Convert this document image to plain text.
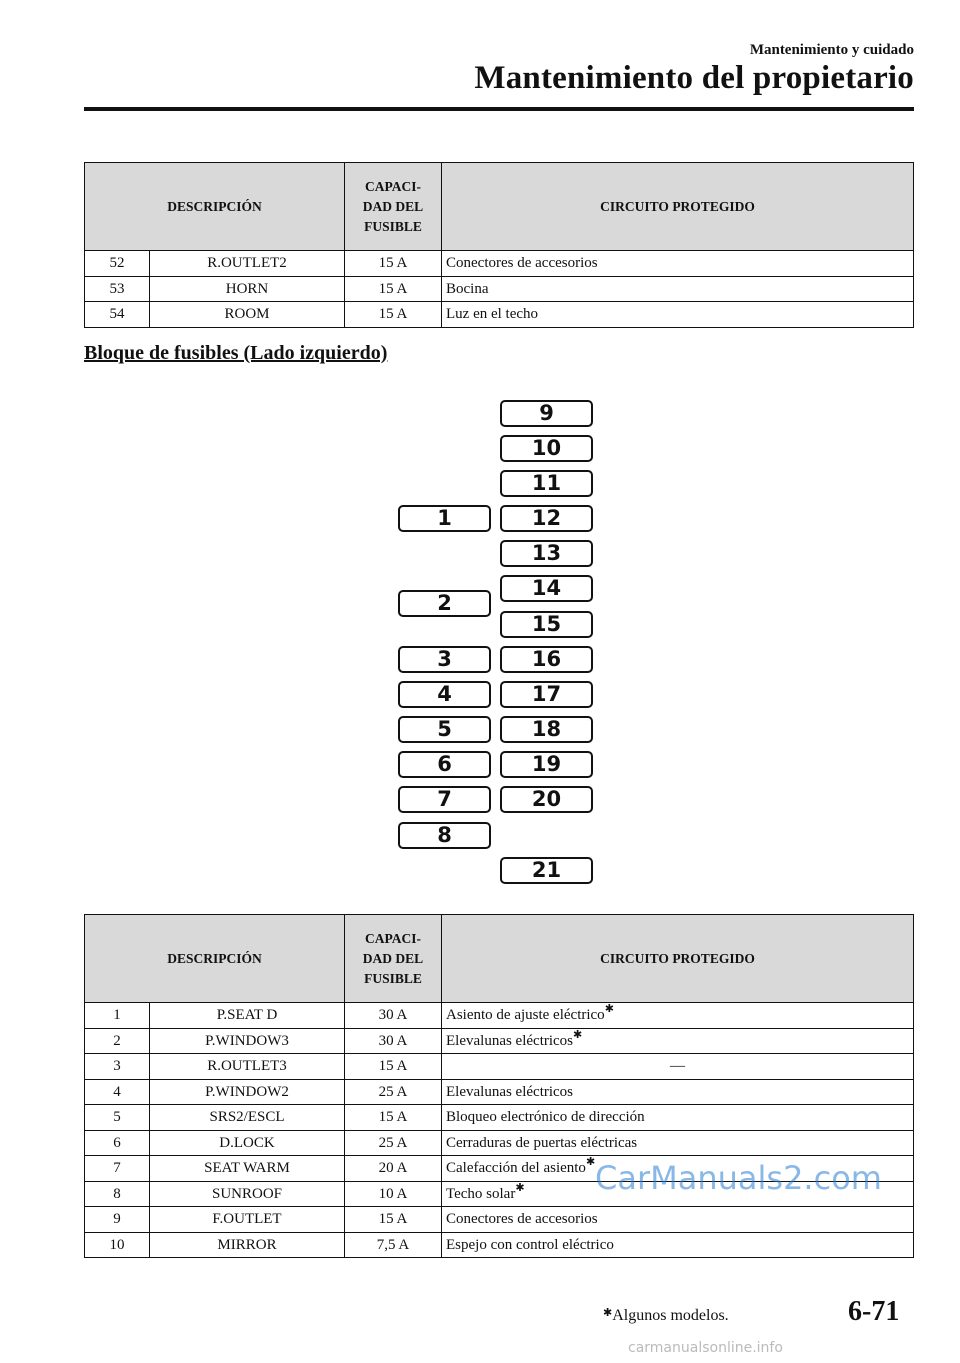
Mantenimiento y cuidado
Mantenimiento del propietario
DESCRIPCIÓN		CAPACI-
DAD DEL
FUSIBLE	CIRCUITO PROTEGIDO
52	R.OUTLET2	15 A	Conectores de accesorios
53	HORN	15 A	Bocina
54	ROOM	15 A	Luz en el techo
Bloque de fusibles (Lado izquierdo)
1
2
3
4
5
6
7
8
9
10
11
12
13
14
15
16
17
18
19
20
21
DESCRIPCIÓN		CAPACI-
DAD DEL
FUSIBLE	CIRCUITO PROTEGIDO
1	P.SEAT D	30 A	Asiento de ajuste eléctrico✱
2	P.WINDOW3	30 A	Elevalunas eléctricos✱
3	R.OUTLET3	15 A	—
4	P.WINDOW2	25 A	Elevalunas eléctricos
5	SRS2/ESCL	15 A	Bloqueo electrónico de dirección
6	D.LOCK	25 A	Cerraduras de puertas eléctricas
7	SEAT WARM	20 A	Calefacción del asiento✱
8	SUNROOF	10 A	Techo solar✱
9	F.OUTLET	15 A	Conectores de accesorios
10	MIRROR	7,5 A	Espejo con control eléctrico
CarManuals2.com
✱Algunos modelos.	6-71
carmanualsonline.info
